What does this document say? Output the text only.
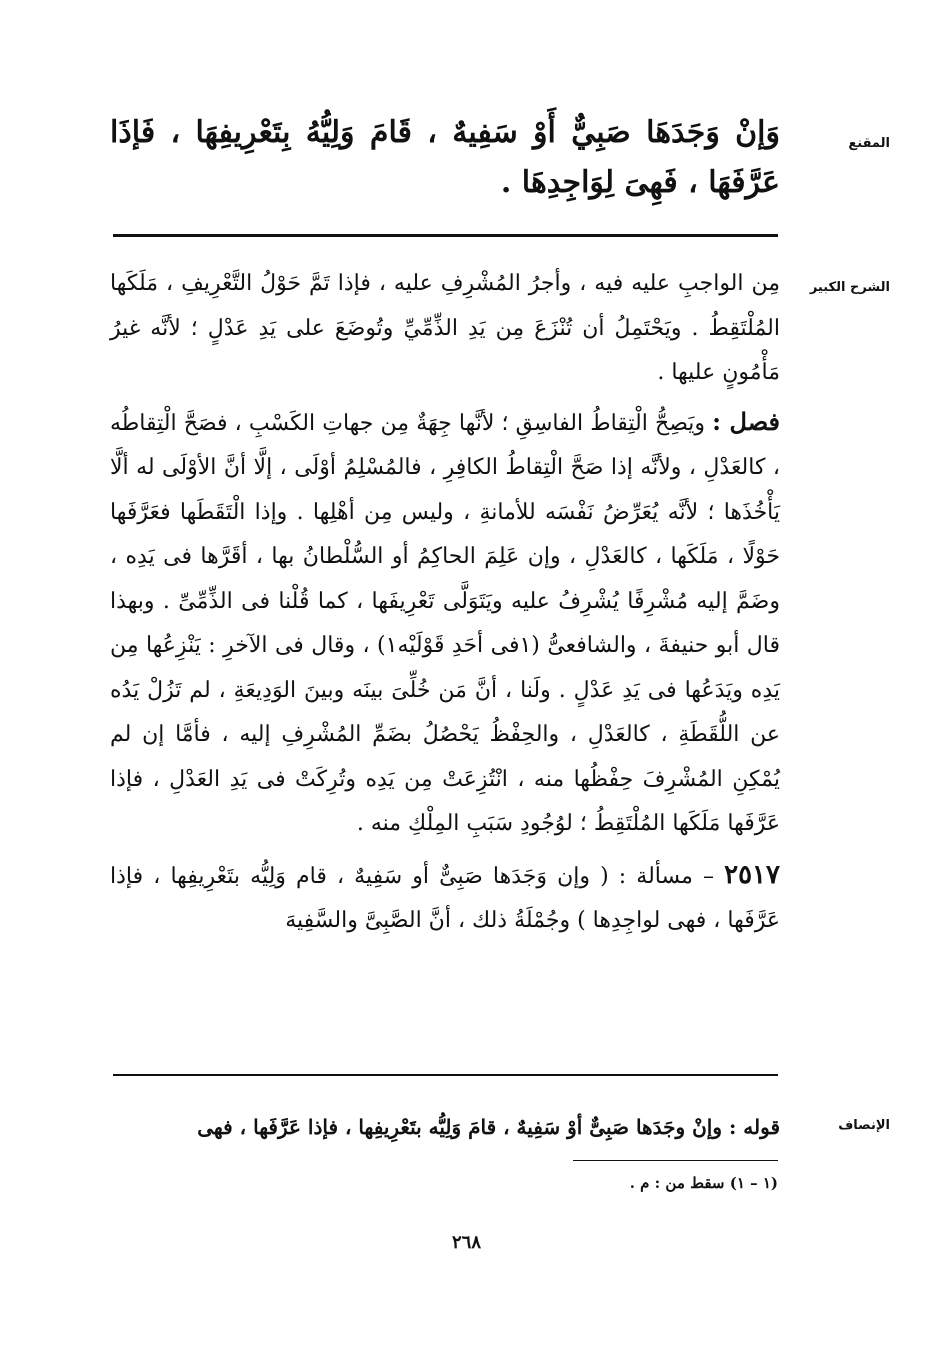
المقنع

وَإنْ وَجَدَهَا صَبِيٌّ أَوْ سَفِيهٌ ، قَامَ وَلِيُّهُ بِتَعْرِيفِهَا ، فَإذَا عَرَّفَهَا ، فَهِىَ لِوَاجِدِهَا .

الشرح الكبير

مِن الواجبِ عليه فيه ، وأجرُ المُشْرِفِ عليه ، فإذا تَمَّ حَوْلُ التَّعْرِيفِ ، مَلَكَها المُلْتَقِطُ . ويَحْتَمِلُ أن تُنْزَعَ مِن يَدِ الذِّمِّيِّ وتُوضَعَ على يَدِ عَدْلٍ ؛ لأنَّه غيرُ مَأْمُونٍ عليها .

فصل : ويَصِحُّ الْتِقاطُ الفاسِقِ ؛ لأنَّها جِهَةٌ مِن جهاتِ الكَسْبِ ، فصَحَّ الْتِقاطُه ، كالعَدْلِ ، ولأنَّه إذا صَحَّ الْتِقاطُ الكافِرِ ، فالمُسْلِمُ أوْلَى ، إلَّا أنَّ الأوْلَى له ألَّا يَأْخُذَها ؛ لأنَّه يُعَرِّضُ نَفْسَه للأمانةِ ، وليس مِن أهْلِها . وإذا الْتَقَطَها فعَرَّفَها حَوْلًا ، مَلَكَها ، كالعَدْلِ ، وإن عَلِمَ الحاكِمُ أو السُّلْطانُ بها ، أقَرَّها فى يَدِه ، وضَمَّ إليه مُشْرِفًا يُشْرِفُ عليه ويَتَوَلَّى تَعْرِيفَها ، كما قُلْنا فى الذِّمِّىِّ . وبهذا قال أبو حنيفةَ ، والشافعىُّ (١فى أحَدِ قَوْلَيْه١) ، وقال فى الآخرِ : يَنْزِعُها مِن يَدِه ويَدَعُها فى يَدِ عَدْلٍ . ولَنا ، أنَّ مَن خُلِّىَ بينَه وبينَ الوَدِيعَةِ ، لم تَزُلْ يَدُه عن اللُّقَطَةِ ، كالعَدْلِ ، والحِفْظُ يَحْصُلُ بضَمِّ المُشْرِفِ إليه ، فأمَّا إن لم يُمْكِنِ المُشْرِفَ حِفْظُها منه ، انْتُزِعَتْ مِن يَدِه وتُرِكَتْ فى يَدِ العَدْلِ ، فإذا عَرَّفَها مَلَكَها المُلْتَقِطُ ؛ لوُجُودِ سَبَبِ المِلْكِ منه .

٢٥١٧ – مسألة : ( وإن وَجَدَها صَبِىٌّ أو سَفِيهٌ ، قام وَلِيُّه بتَعْرِيفِها ، فإذا عَرَّفَها ، فهى لواجِدِها ) وجُمْلَةُ ذلك ، أنَّ الصَّبِىَّ والسَّفِيهَ

الإنصاف

قوله : وإنْ وجَدَها صَبِىٌّ أوْ سَفِيهٌ ، قامَ وَلِيُّه بتَعْرِيفِها ، فإذا عَرَّفَها ، فهى

(١ – ١) سقط من : م .
٢٦٨
